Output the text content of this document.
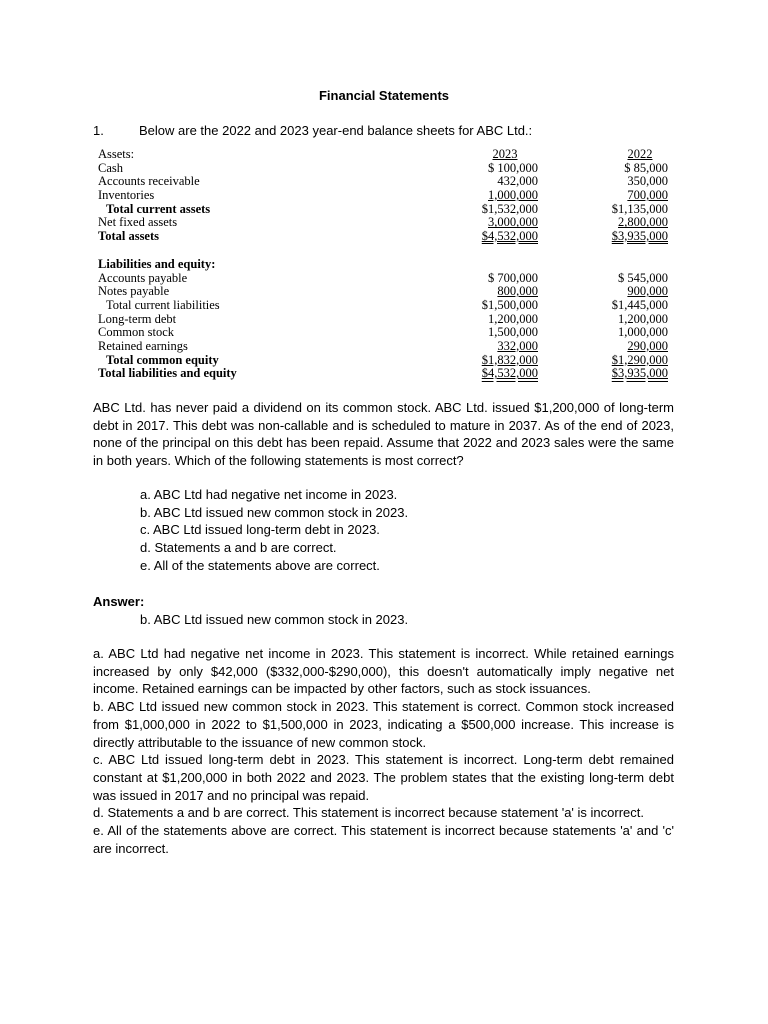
Financial Statements
1.	Below are the 2022 and 2023 year-end balance sheets for ABC Ltd.:
Assets:	2023	2022
Cash	$ 100,000	$ 85,000
Accounts receivable	432,000	350,000
Inventories	1,000,000	700,000
Total current assets	$1,532,000	$1,135,000
Net fixed assets	3,000,000	2,800,000
Total assets	$4,532,000	$3,935,000
Liabilities and equity:
Accounts payable	$ 700,000	$ 545,000
Notes payable	800,000	900,000
Total current liabilities	$1,500,000	$1,445,000
Long-term debt	1,200,000	1,200,000
Common stock	1,500,000	1,000,000
Retained earnings	332,000	290,000
Total common equity	$1,832,000	$1,290,000
Total liabilities and equity	$4,532,000	$3,935,000
ABC Ltd. has never paid a dividend on its common stock. ABC Ltd. issued $1,200,000 of long-term debt in 2017. This debt was non-callable and is scheduled to mature in 2037. As of the end of 2023, none of the principal on this debt has been repaid. Assume that 2022 and 2023 sales were the same in both years. Which of the following statements is most correct?

a. ABC Ltd had negative net income in 2023.

b. ABC Ltd issued new common stock in 2023.

c. ABC Ltd issued long-term debt in 2023.

d. Statements a and b are correct.

e. All of the statements above are correct.

Answer:

b. ABC Ltd issued new common stock in 2023.

a. ABC Ltd had negative net income in 2023. This statement is incorrect. While retained earnings increased by only $42,000 ($332,000-$290,000), this doesn't automatically imply negative net income. Retained earnings can be impacted by other factors, such as stock issuances.

b. ABC Ltd issued new common stock in 2023. This statement is correct. Common stock increased from $1,000,000 in 2022 to $1,500,000 in 2023, indicating a $500,000 increase. This increase is directly attributable to the issuance of new common stock.

c. ABC Ltd issued long-term debt in 2023. This statement is incorrect. Long-term debt remained constant at $1,200,000 in both 2022 and 2023. The problem states that the existing long-term debt was issued in 2017 and no principal was repaid.

d. Statements a and b are correct. This statement is incorrect because statement 'a' is incorrect.

e. All of the statements above are correct. This statement is incorrect because statements 'a' and 'c' are incorrect.
